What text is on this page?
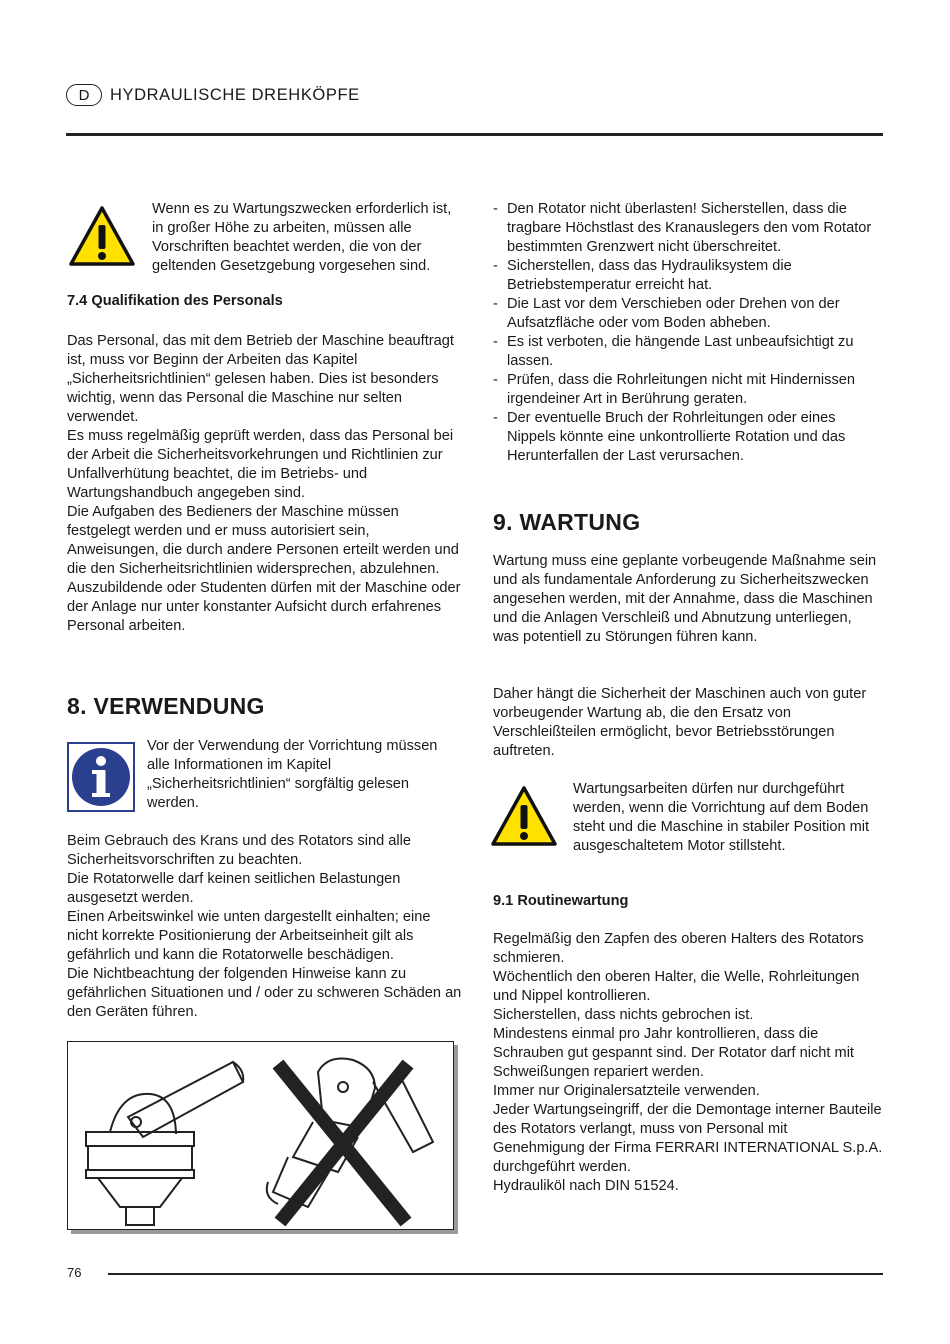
D	HYDRAULISCHE DREHKÖPFE

Wenn es zu Wartungszwecken erforderlich ist, in großer Höhe zu arbeiten, müssen alle Vorschriften beachtet werden, die von der geltenden Gesetzgebung vorgesehen sind.

7.4 Qualifikation des Personals

Das Personal, das mit dem Betrieb der Maschine beauftragt ist, muss vor Beginn der Arbeiten das Kapitel „Sicherheitsrichtlinien“ gelesen haben. Dies ist besonders wichtig, wenn das Personal die Maschine nur selten verwendet.

Es muss regelmäßig geprüft werden, dass das Personal bei der Arbeit die Sicherheitsvorkehrungen und Richtlinien zur Unfallverhütung beachtet, die im Betriebs- und Wartungshandbuch angegeben sind.

Die Aufgaben des Bedieners der Maschine müssen festgelegt werden und er muss autorisiert sein, Anweisungen, die durch andere Personen erteilt werden und die den Sicherheitsrichtlinien widersprechen, abzulehnen.

Auszubildende oder Studenten dürfen mit der Maschine oder der Anlage nur unter konstanter Aufsicht durch erfahrenes Personal arbeiten.

8. VERWENDUNG

Vor der Verwendung der Vorrichtung müssen alle Informationen im Kapitel „Sicherheitsrichtlinien“ sorgfältig gelesen werden.

Beim Gebrauch des Krans und des Rotators sind alle Sicherheitsvorschriften zu beachten.

Die Rotatorwelle darf keinen seitlichen Belastungen ausgesetzt werden.

Einen Arbeitswinkel wie unten dargestellt einhalten; eine nicht korrekte Positionierung der Arbeitseinheit gilt als gefährlich und kann die Rotatorwelle beschädigen.

Die Nichtbeachtung der folgenden Hinweise kann zu gefährlichen Situationen und / oder zu schweren Schäden an den Geräten führen.

- Den Rotator nicht überlasten! Sicherstellen, dass die tragbare Höchstlast des Kranauslegers den vom Rotator bestimmten Grenzwert nicht überschreitet.
- Sicherstellen, dass das Hydrauliksystem die Betriebstemperatur erreicht hat.
- Die Last vor dem Verschieben oder Drehen von der Aufsatzfläche oder vom Boden abheben.
- Es ist verboten, die hängende Last unbeaufsichtigt zu lassen.
- Prüfen, dass die Rohrleitungen nicht mit Hindernissen irgendeiner Art in Berührung geraten.
- Der eventuelle Bruch der Rohrleitungen oder eines Nippels könnte eine unkontrollierte Rotation und das Herunterfallen der Last verursachen.

9. WARTUNG

Wartung muss eine geplante vorbeugende Maßnahme sein und als fundamentale Anforderung zu Sicherheitszwecken angesehen werden, mit der Annahme, dass die Maschinen und die Anlagen Verschleiß und Abnutzung unterliegen, was potentiell zu Störungen führen kann.

Daher hängt die Sicherheit der Maschinen auch von guter vorbeugender Wartung ab, die den Ersatz von Verschleißteilen ermöglicht, bevor Betriebsstörungen auftreten.

Wartungsarbeiten dürfen nur durchgeführt werden, wenn die Vorrichtung auf dem Boden steht und die Maschine in stabiler Position mit ausgeschaltetem Motor stillsteht.

9.1 Routinewartung

Regelmäßig den Zapfen des oberen Halters des Rotators schmieren.

Wöchentlich den oberen Halter, die Welle, Rohrleitungen und Nippel kontrollieren.

Sicherstellen, dass nichts gebrochen ist.

Mindestens einmal pro Jahr kontrollieren, dass die Schrauben gut gespannt sind. Der Rotator darf nicht mit Schweißungen repariert werden.

Immer nur Originalersatzteile verwenden.

Jeder Wartungseingriff, der die Demontage interner Bauteile des Rotators verlangt, muss von Personal mit Genehmigung der Firma FERRARI INTERNATIONAL S.p.A. durchgeführt werden.

Hydrauliköl nach DIN 51524.

76
